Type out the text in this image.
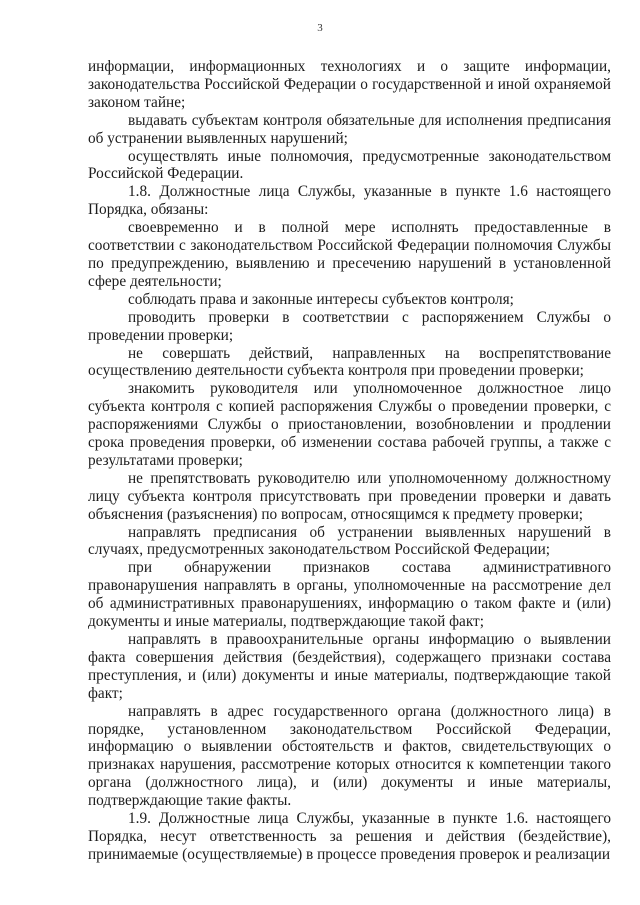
3

информации, информационных технологиях и о защите информации, законодательства Российской Федерации о государственной и иной охраняемой законом тайне;

выдавать субъектам контроля обязательные для исполнения предписания об устранении выявленных нарушений;

осуществлять иные полномочия, предусмотренные законодательством Российской Федерации.

1.8. Должностные лица Службы, указанные в пункте 1.6 настоящего Порядка, обязаны:

своевременно и в полной мере исполнять предоставленные в соответствии с законодательством Российской Федерации полномочия Службы по предупреждению, выявлению и пресечению нарушений в установленной сфере деятельности;

соблюдать права и законные интересы субъектов контроля;

проводить проверки в соответствии с распоряжением Службы о проведении проверки;

не совершать действий, направленных на воспрепятствование осуществлению деятельности субъекта контроля при проведении проверки;

знакомить руководителя или уполномоченное должностное лицо субъекта контроля с копией распоряжения Службы о проведении проверки, с распоряжениями Службы о приостановлении, возобновлении и продлении срока проведения проверки, об изменении состава рабочей группы, а также с результатами проверки;

не препятствовать руководителю или уполномоченному должностному лицу субъекта контроля присутствовать при проведении проверки и давать объяснения (разъяснения) по вопросам, относящимся к предмету проверки;

направлять предписания об устранении выявленных нарушений в случаях, предусмотренных законодательством Российской Федерации;

при обнаружении признаков состава административного правонарушения направлять в органы, уполномоченные на рассмотрение дел об административных правонарушениях, информацию о таком факте и (или) документы и иные материалы, подтверждающие такой факт;

направлять в правоохранительные органы информацию о выявлении факта совершения действия (бездействия), содержащего признаки состава преступления, и (или) документы и иные материалы, подтверждающие такой факт;

направлять в адрес государственного органа (должностного лица) в порядке, установленном законодательством Российской Федерации, информацию о выявлении обстоятельств и фактов, свидетельствующих о признаках нарушения, рассмотрение которых относится к компетенции такого органа (должностного лица), и (или) документы и иные материалы, подтверждающие такие факты.

1.9. Должностные лица Службы, указанные в пункте 1.6. настоящего Порядка, несут ответственность за решения и действия (бездействие), принимаемые (осуществляемые) в процессе проведения проверок и реализации
